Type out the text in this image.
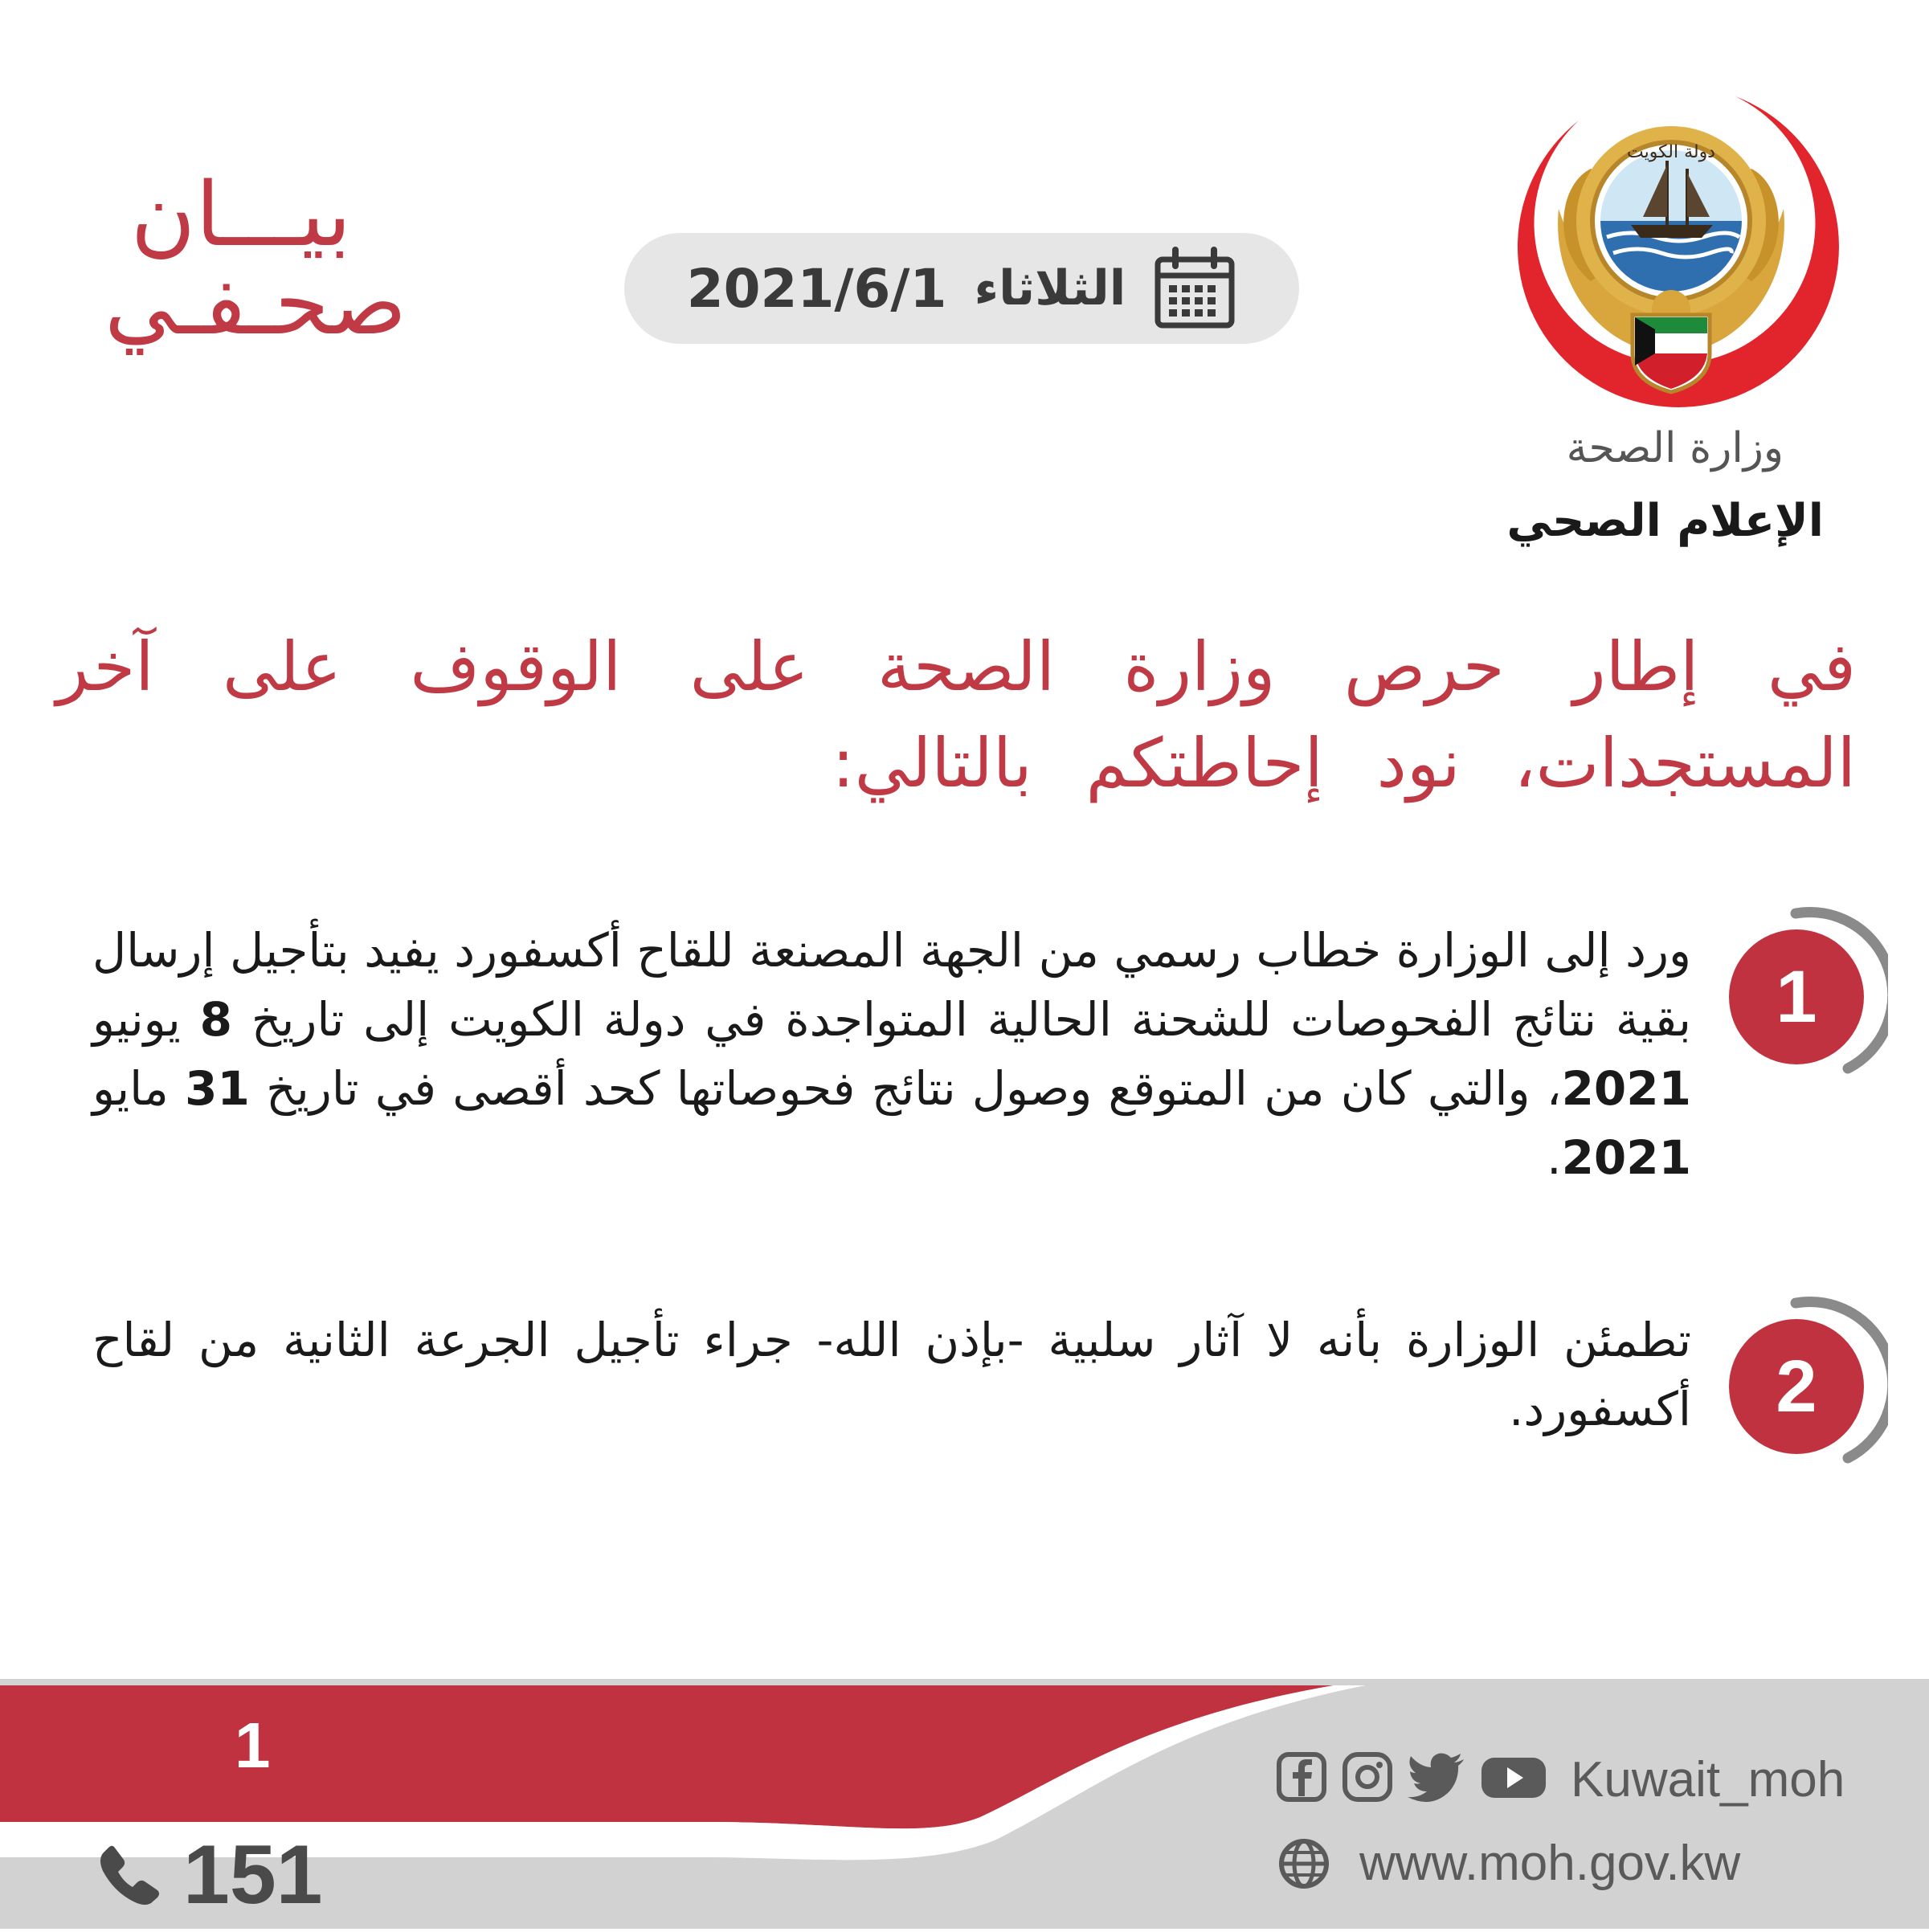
بيـــان
صحـفـي	الثلاثاء
2021/6/1
دولة الكويت
وزارة الصحة
الإعلام الصحي
في إطار حرص وزارة الصحة على الوقوف على آخر المستجدات، نود إحاطتكم بالتالي:
1
ورد إلى الوزارة خطاب رسمي من الجهة المصنعة للقاح أكسفورد يفيد بتأجيل إرسال بقية نتائج الفحوصات للشحنة الحالية المتواجدة في دولة الكويت إلى تاريخ 8 يونيو 2021، والتي كان من المتوقع وصول نتائج فحوصاتها كحد أقصى في تاريخ 31 مايو 2021.
2
تطمئن الوزارة بأنه لا آثار سلبية -بإذن الله- جراء تأجيل الجرعة الثانية من لقاح أكسفورد.
1	Kuwait_moh
www.moh.gov.kw
151
